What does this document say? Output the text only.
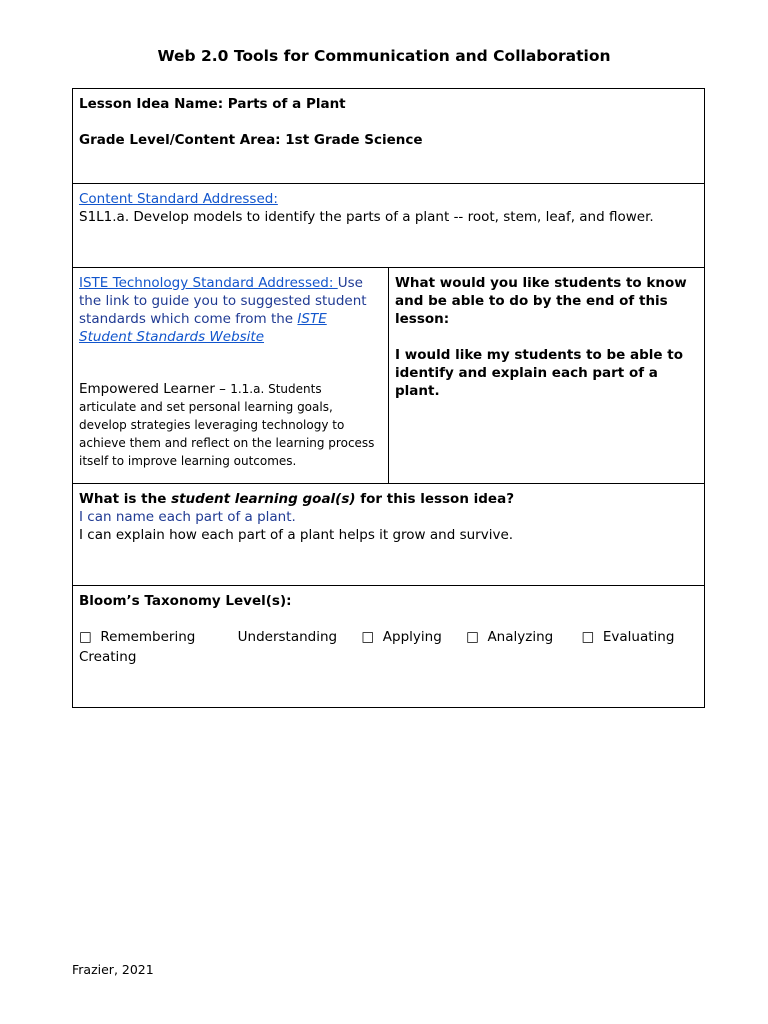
Web 2.0 Tools for Communication and Collaboration
Lesson Idea Name: Parts of a Plant
Grade Level/Content Area: 1st Grade Science

Content Standard Addressed:
S1L1.a. Develop models to identify the parts of a plant -- root, stem, leaf, and flower.

ISTE Technology Standard Addressed: Use the link to guide you to suggested student standards which come from the ISTE Student Standards Website
Empowered Learner – 1.1.a. Students articulate and set personal learning goals, develop strategies leveraging technology to achieve them and reflect on the learning process itself to improve learning outcomes.

What would you like students to know and be able to do by the end of this lesson:
I would like my students to be able to identify and explain each part of a plant.

What is the student learning goal(s) for this lesson idea?
I can name each part of a plant.
I can explain how each part of a plant helps it grow and survive.

Bloom’s Taxonomy Level(s):
□ Remembering	Understanding □ Applying □ Analyzing □ Evaluating
Creating
Frazier, 2021
